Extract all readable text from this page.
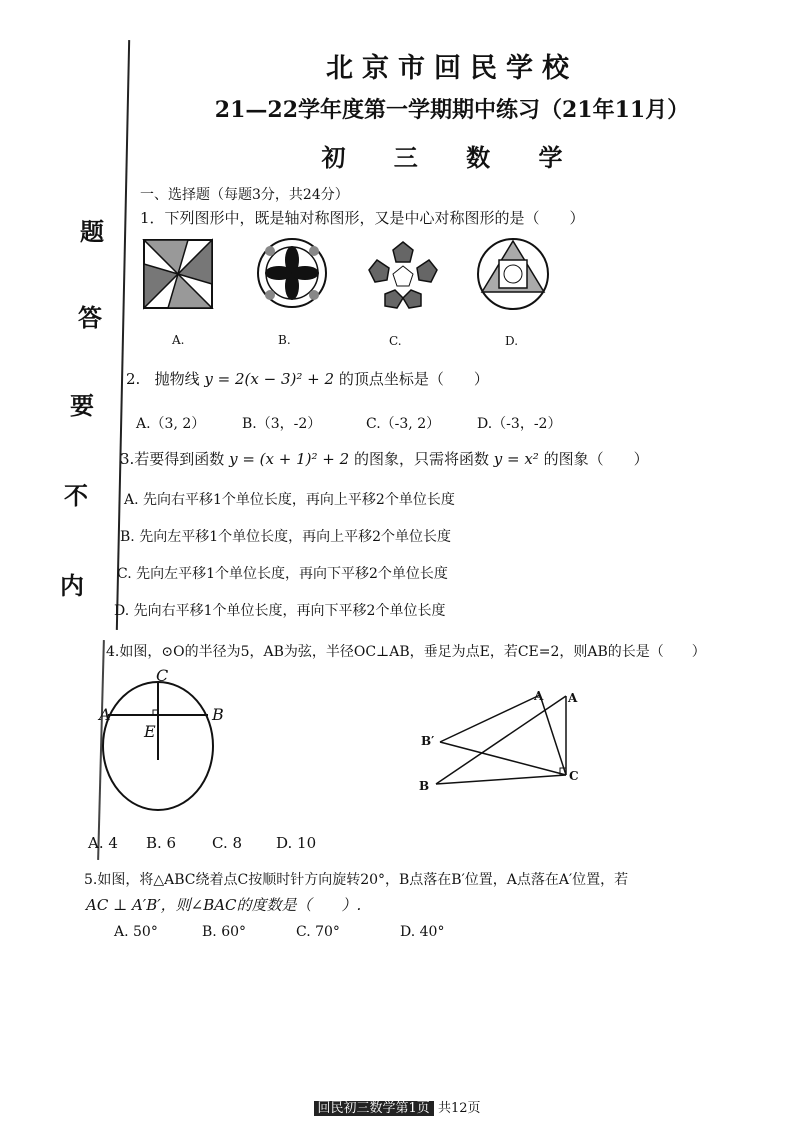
题
答
要
不
内
北京市回民学校
21—22学年度第一学期期中练习（21年11月）
初 三 数 学
一、选择题（每题3分，共24分）
1．下列图形中，既是轴对称图形，又是中心对称图形的是（　　）
A.	B.	C.	D.
2. 抛物线 y = 2(x − 3)² + 2 的顶点坐标是（　　）
A.（3, 2）	B.（3，-2）	C.（-3, 2）	D.（-3，-2）
3.若要得到函数 y = (x + 1)² + 2 的图象，只需将函数 y = x² 的图象（　　）
A. 先向右平移1个单位长度，再向上平移2个单位长度
B. 先向左平移1个单位长度，再向上平移2个单位长度
C. 先向左平移1个单位长度，再向下平移2个单位长度
D. 先向右平移1个单位长度，再向下平移2个单位长度
4.如图，⊙O的半径为5，AB为弦，半径OC⊥AB，垂足为点E，若CE=2，则AB的长是（　　）
C
A	B
E
A A
B′
B
C
A. 4 B. 6 C. 8 D. 10
5.如图，将△ABC绕着点C按顺时针方向旋转20°，B点落在B′位置，A点落在A′位置，若
AC ⊥ A′B′，则∠BAC的度数是（　　）.
A. 50°	B. 60°	C. 70°	D. 40°
回民初三数学第1页 共12页
